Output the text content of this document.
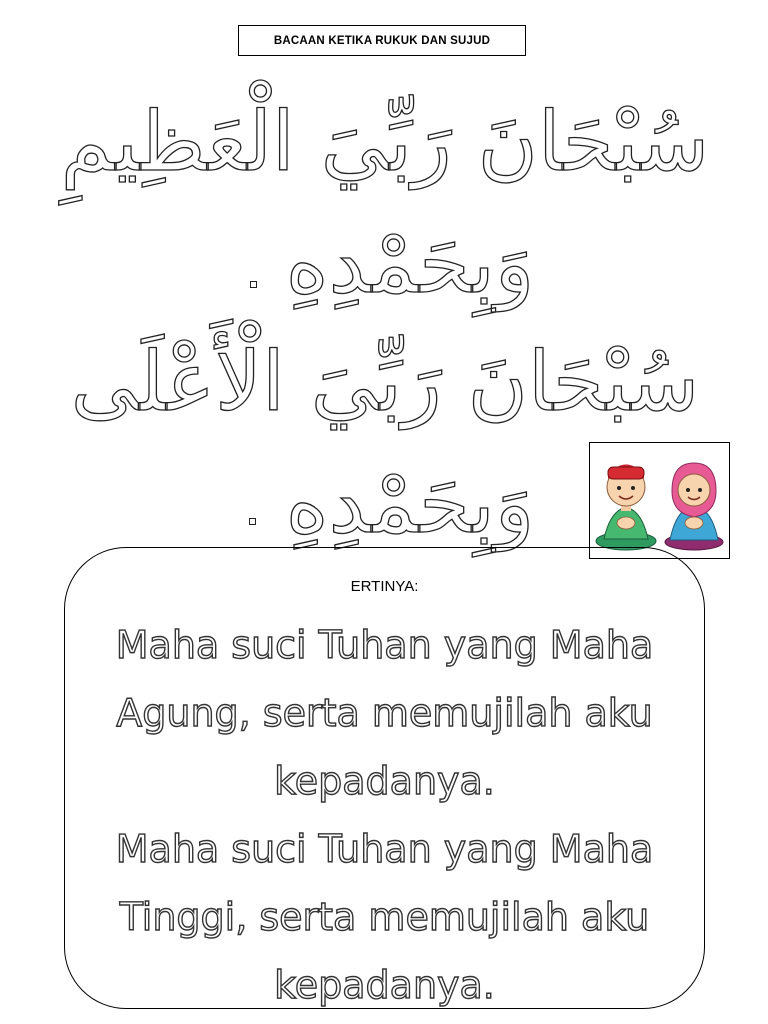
BACAAN KETIKA RUKUK DAN SUJUD
سُبْحَانَ رَبِّيَ الْعَظِيمِ
وَبِحَمْدِهِ
سُبْحَانَ رَبِّيَ الْأَعْلَى
وَبِحَمْدِهِ
ERTINYA:
Maha suci Tuhan yang Maha
Agung, serta memujilah aku
kepadanya.
Maha suci Tuhan yang Maha
Tinggi, serta memujilah aku
kepadanya.
